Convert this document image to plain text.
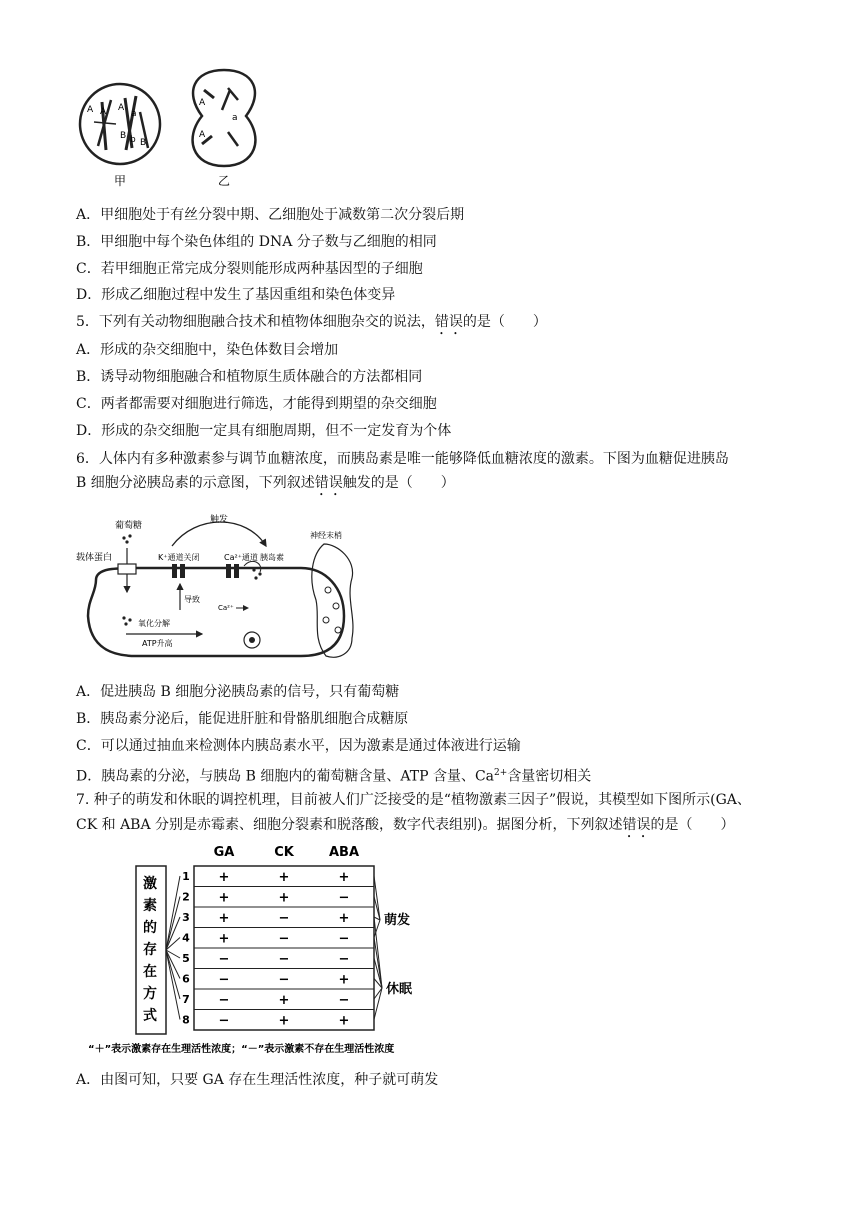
A A A
a
B b B
甲
A
a
A
乙
A．甲细胞处于有丝分裂中期、乙细胞处于减数第二次分裂后期
B．甲细胞中每个染色体组的 DNA 分子数与乙细胞的相同
C．若甲细胞正常完成分裂则能形成两种基因型的子细胞
D．形成乙细胞过程中发生了基因重组和染色体变异
5．下列有关动物细胞融合技术和植物体细胞杂交的说法，错误的是（　　）
A．形成的杂交细胞中，染色体数目会增加
B．诱导动物细胞融合和植物原生质体融合的方法都相同
C．两者都需要对细胞进行筛选，才能得到期望的杂交细胞
D．形成的杂交细胞一定具有细胞周期，但不一定发育为个体
6．人体内有多种激素参与调节血糖浓度，而胰岛素是唯一能够降低血糖浓度的激素。下图为血糖促进胰岛
B 细胞分泌胰岛素的示意图，下列叙述错误触发的是（　　）
葡萄糖
载体蛋白
触发
K⁺通道关闭	Ca²⁺通道 胰岛素
导致
Ca²⁺
氧化分解
ATP升高
神经末梢
A．促进胰岛 B 细胞分泌胰岛素的信号，只有葡萄糖
B．胰岛素分泌后，能促进肝脏和骨骼肌细胞合成糖原
C．可以通过抽血来检测体内胰岛素水平，因为激素是通过体液进行运输
D．胰岛素的分泌，与胰岛 B 细胞内的葡萄糖含量、ATP 含量、$Ca^{2+}$含量密切相关
7. 种子的萌发和休眠的调控机理，目前被人们广泛接受的是“植物激素三因子”假说，其模型如下图所示(GA、
CK 和 ABA 分别是赤霉素、细胞分裂素和脱落酸，数字代表组别)。据图分析，下列叙述错误的是（　　）
激
素
的
存
在
方
式
GA	CK	ABA
1 +	+	+
2 +	+	−
3 +	−	+
4 +	−	−
5 −	−	−
6 −	−	+
7 −	+	−
8 −	+	+
萌发
休眠
“＋”表示激素存在生理活性浓度；“－”表示激素不存在生理活性浓度
A．由图可知，只要 GA 存在生理活性浓度，种子就可萌发
